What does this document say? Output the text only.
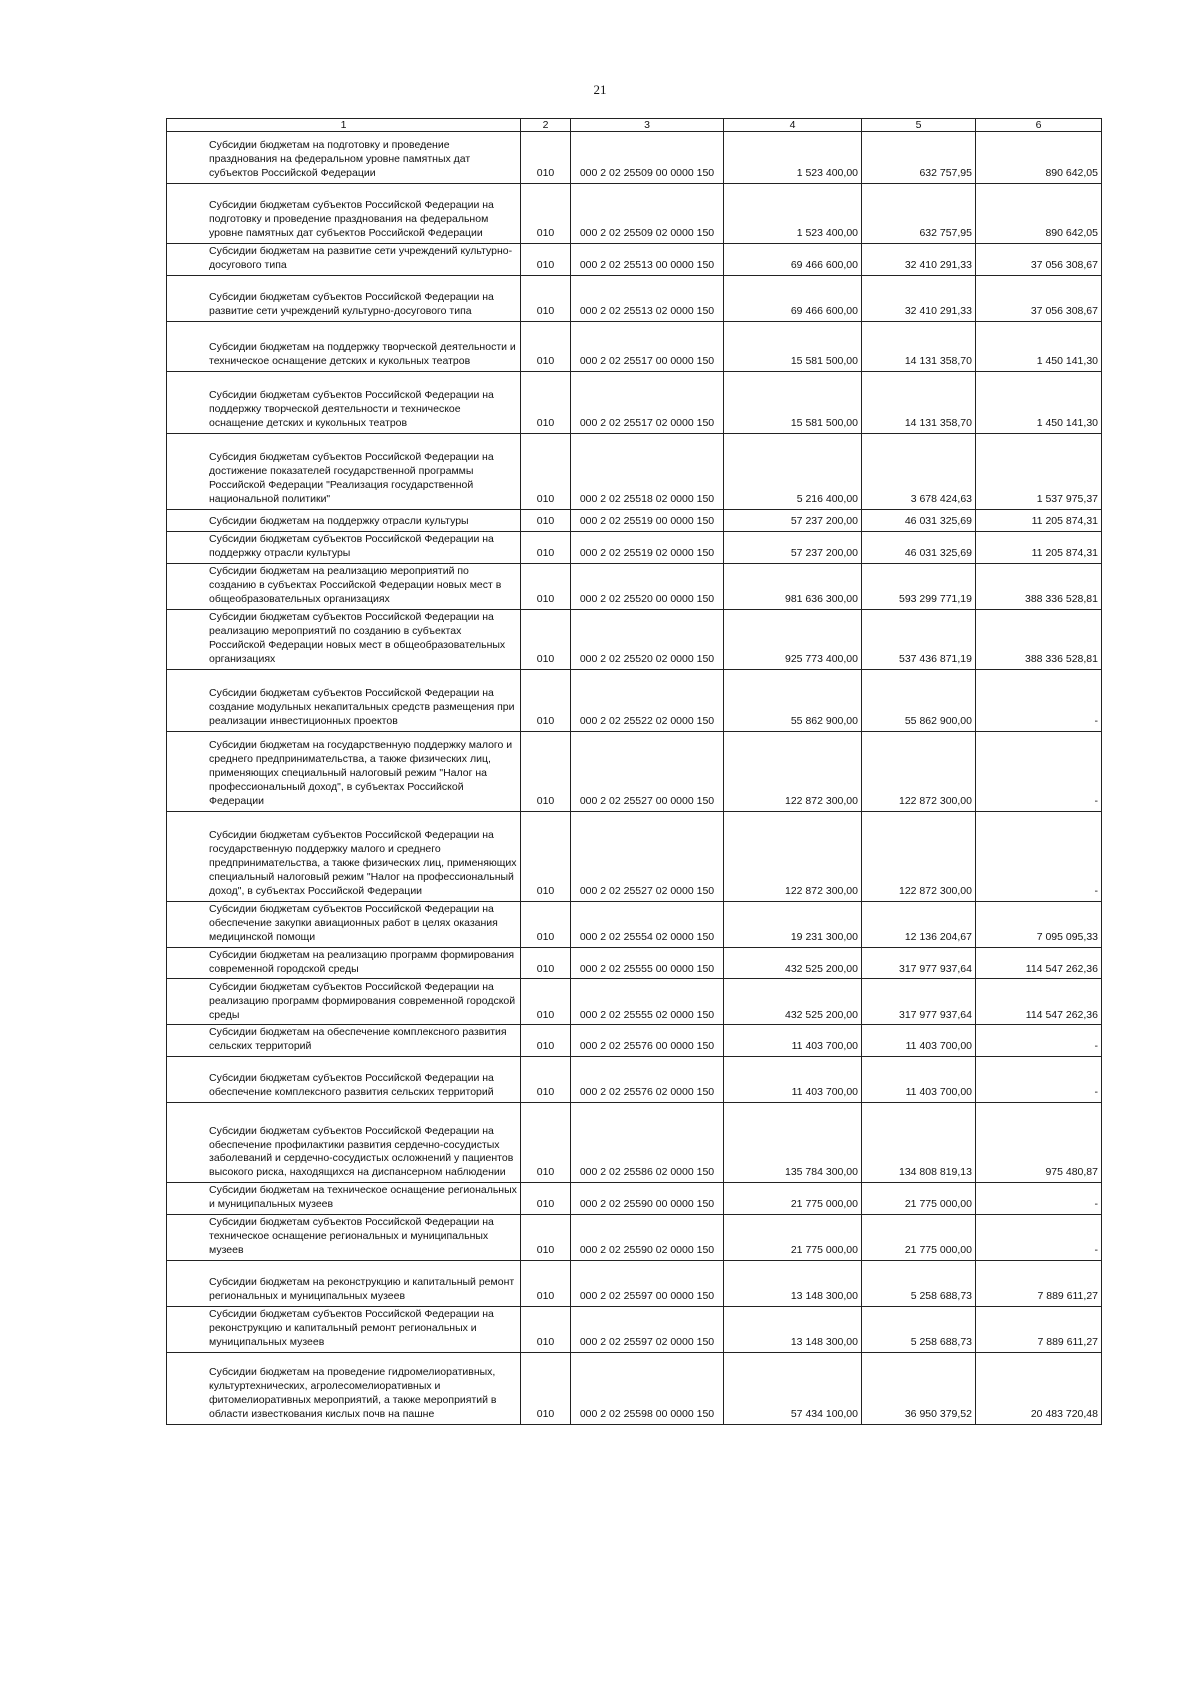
21
1	2	3	4	5	6
Субсидии бюджетам на подготовку и проведение празднования на федеральном уровне памятных дат субъектов Российской Федерации	010	000 2 02 25509 00 0000 150	1 523 400,00	632 757,95	890 642,05
Субсидии бюджетам субъектов Российской Федерации на подготовку и проведение празднования на федеральном уровне памятных дат субъектов Российской Федерации	010	000 2 02 25509 02 0000 150	1 523 400,00	632 757,95	890 642,05
Субсидии бюджетам на развитие сети учреждений культурно-досугового типа	010	000 2 02 25513 00 0000 150	69 466 600,00	32 410 291,33	37 056 308,67
Субсидии бюджетам субъектов Российской Федерации на развитие сети учреждений культурно-досугового типа	010	000 2 02 25513 02 0000 150	69 466 600,00	32 410 291,33	37 056 308,67
Субсидии бюджетам на поддержку творческой деятельности и техническое оснащение детских и кукольных театров	010	000 2 02 25517 00 0000 150	15 581 500,00	14 131 358,70	1 450 141,30
Субсидии бюджетам субъектов Российской Федерации на поддержку творческой деятельности и техническое оснащение детских и кукольных театров	010	000 2 02 25517 02 0000 150	15 581 500,00	14 131 358,70	1 450 141,30
Субсидия бюджетам субъектов Российской Федерации на достижение показателей государственной программы Российской Федерации "Реализация государственной национальной политики"	010	000 2 02 25518 02 0000 150	5 216 400,00	3 678 424,63	1 537 975,37
Субсидии бюджетам на поддержку отрасли культуры	010	000 2 02 25519 00 0000 150	57 237 200,00	46 031 325,69	11 205 874,31
Субсидии бюджетам субъектов Российской Федерации на поддержку отрасли культуры	010	000 2 02 25519 02 0000 150	57 237 200,00	46 031 325,69	11 205 874,31
Субсидии бюджетам на реализацию мероприятий по созданию в субъектах Российской Федерации новых мест в общеобразовательных организациях	010	000 2 02 25520 00 0000 150	981 636 300,00	593 299 771,19	388 336 528,81
Субсидии бюджетам субъектов Российской Федерации на реализацию мероприятий по созданию в субъектах Российской Федерации новых мест в общеобразовательных организациях	010	000 2 02 25520 02 0000 150	925 773 400,00	537 436 871,19	388 336 528,81
Субсидии бюджетам субъектов Российской Федерации на создание модульных некапитальных средств размещения при реализации инвестиционных проектов	010	000 2 02 25522 02 0000 150	55 862 900,00	55 862 900,00	-
Субсидии бюджетам на государственную поддержку малого и среднего предпринимательства, а также физических лиц, применяющих специальный налоговый режим "Налог на профессиональный доход", в субъектах Российской Федерации	010	000 2 02 25527 00 0000 150	122 872 300,00	122 872 300,00	-
Субсидии бюджетам субъектов Российской Федерации на государственную поддержку малого и среднего предпринимательства, а также физических лиц, применяющих специальный налоговый режим "Налог на профессиональный доход", в субъектах Российской Федерации	010	000 2 02 25527 02 0000 150	122 872 300,00	122 872 300,00	-
Субсидии бюджетам субъектов Российской Федерации на обеспечение закупки авиационных работ в целях оказания медицинской помощи	010	000 2 02 25554 02 0000 150	19 231 300,00	12 136 204,67	7 095 095,33
Субсидии бюджетам на реализацию программ формирования современной городской среды	010	000 2 02 25555 00 0000 150	432 525 200,00	317 977 937,64	114 547 262,36
Субсидии бюджетам субъектов Российской Федерации на реализацию программ формирования современной городской среды	010	000 2 02 25555 02 0000 150	432 525 200,00	317 977 937,64	114 547 262,36
Субсидии бюджетам на обеспечение комплексного развития сельских территорий	010	000 2 02 25576 00 0000 150	11 403 700,00	11 403 700,00	-
Субсидии бюджетам субъектов Российской Федерации на обеспечение комплексного развития сельских территорий	010	000 2 02 25576 02 0000 150	11 403 700,00	11 403 700,00	-
Субсидии бюджетам субъектов Российской Федерации на обеспечение профилактики развития сердечно-сосудистых заболеваний и сердечно-сосудистых осложнений у пациентов высокого риска, находящихся на диспансерном наблюдении	010	000 2 02 25586 02 0000 150	135 784 300,00	134 808 819,13	975 480,87
Субсидии бюджетам на техническое оснащение региональных и муниципальных музеев	010	000 2 02 25590 00 0000 150	21 775 000,00	21 775 000,00	-
Субсидии бюджетам субъектов Российской Федерации на техническое оснащение региональных и муниципальных музеев	010	000 2 02 25590 02 0000 150	21 775 000,00	21 775 000,00	-
Субсидии бюджетам на реконструкцию и капитальный ремонт региональных и муниципальных музеев	010	000 2 02 25597 00 0000 150	13 148 300,00	5 258 688,73	7 889 611,27
Субсидии бюджетам субъектов Российской Федерации на реконструкцию и капитальный ремонт региональных и муниципальных музеев	010	000 2 02 25597 02 0000 150	13 148 300,00	5 258 688,73	7 889 611,27
Субсидии бюджетам на проведение гидромелиоративных, культуртехнических, агролесомелиоративных и фитомелиоративных мероприятий, а также мероприятий в области известкования кислых почв на пашне	010	000 2 02 25598 00 0000 150	57 434 100,00	36 950 379,52	20 483 720,48
